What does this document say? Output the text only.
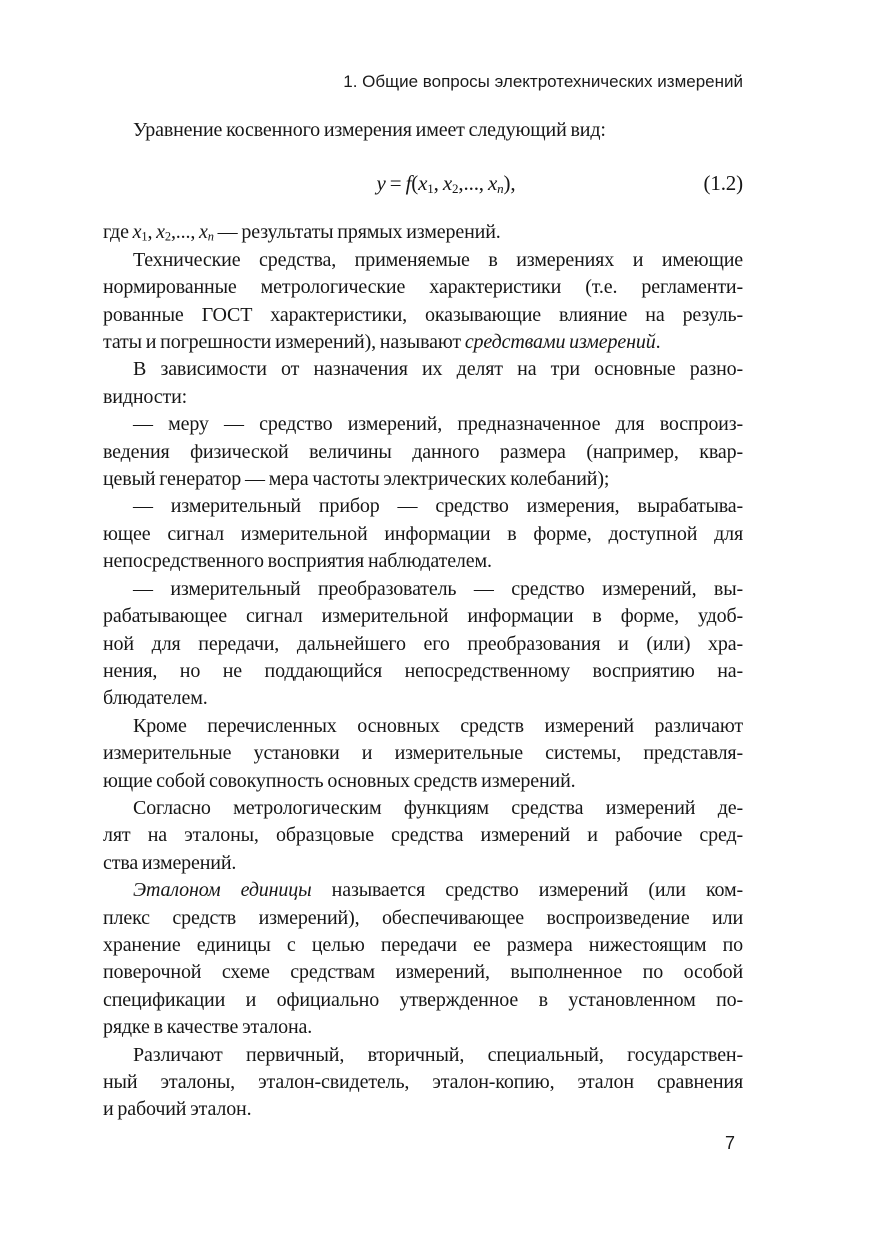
1. Общие вопросы электротехнических измерений
Уравнение косвенного измерения имеет следующий вид:
$y = f(x_1$, $x_2$,..., $x_n$),	(1.2)
где $x_1$, $x_2$,..., $x_n$ — результаты прямых измерений.
Технические средства, применяемые в измерениях и имеющие
нормированные метрологические характеристики (т.е. регламенти-
рованные ГОСТ характеристики, оказывающие влияние на резуль-
таты и погрешности измерений), называют средствами измерений.
В зависимости от назначения их делят на три основные разно-
видности:
— меру — средство измерений, предназначенное для воспроиз-
ведения физической величины данного размера (например, квар-
цевый генератор — мера частоты электрических колебаний);
— измерительный прибор — средство измерения, вырабатыва-
ющее сигнал измерительной информации в форме, доступной для
непосредственного восприятия наблюдателем.
— измерительный преобразователь — средство измерений, вы-
рабатывающее сигнал измерительной информации в форме, удоб-
ной для передачи, дальнейшего его преобразования и (или) хра-
нения, но не поддающийся непосредственному восприятию на-
блюдателем.
Кроме перечисленных основных средств измерений различают
измерительные установки и измерительные системы, представля-
ющие собой совокупность основных средств измерений.
Согласно метрологическим функциям средства измерений де-
лят на эталоны, образцовые средства измерений и рабочие сред-
ства измерений.
Эталоном единицы называется средство измерений (или ком-
плекс средств измерений), обеспечивающее воспроизведение или
хранение единицы с целью передачи ее размера нижестоящим по
поверочной схеме средствам измерений, выполненное по особой
спецификации и официально утвержденное в установленном по-
рядке в качестве эталона.
Различают первичный, вторичный, специальный, государствен-
ный эталоны, эталон-свидетель, эталон-копию, эталон сравнения
и рабочий эталон.
7
